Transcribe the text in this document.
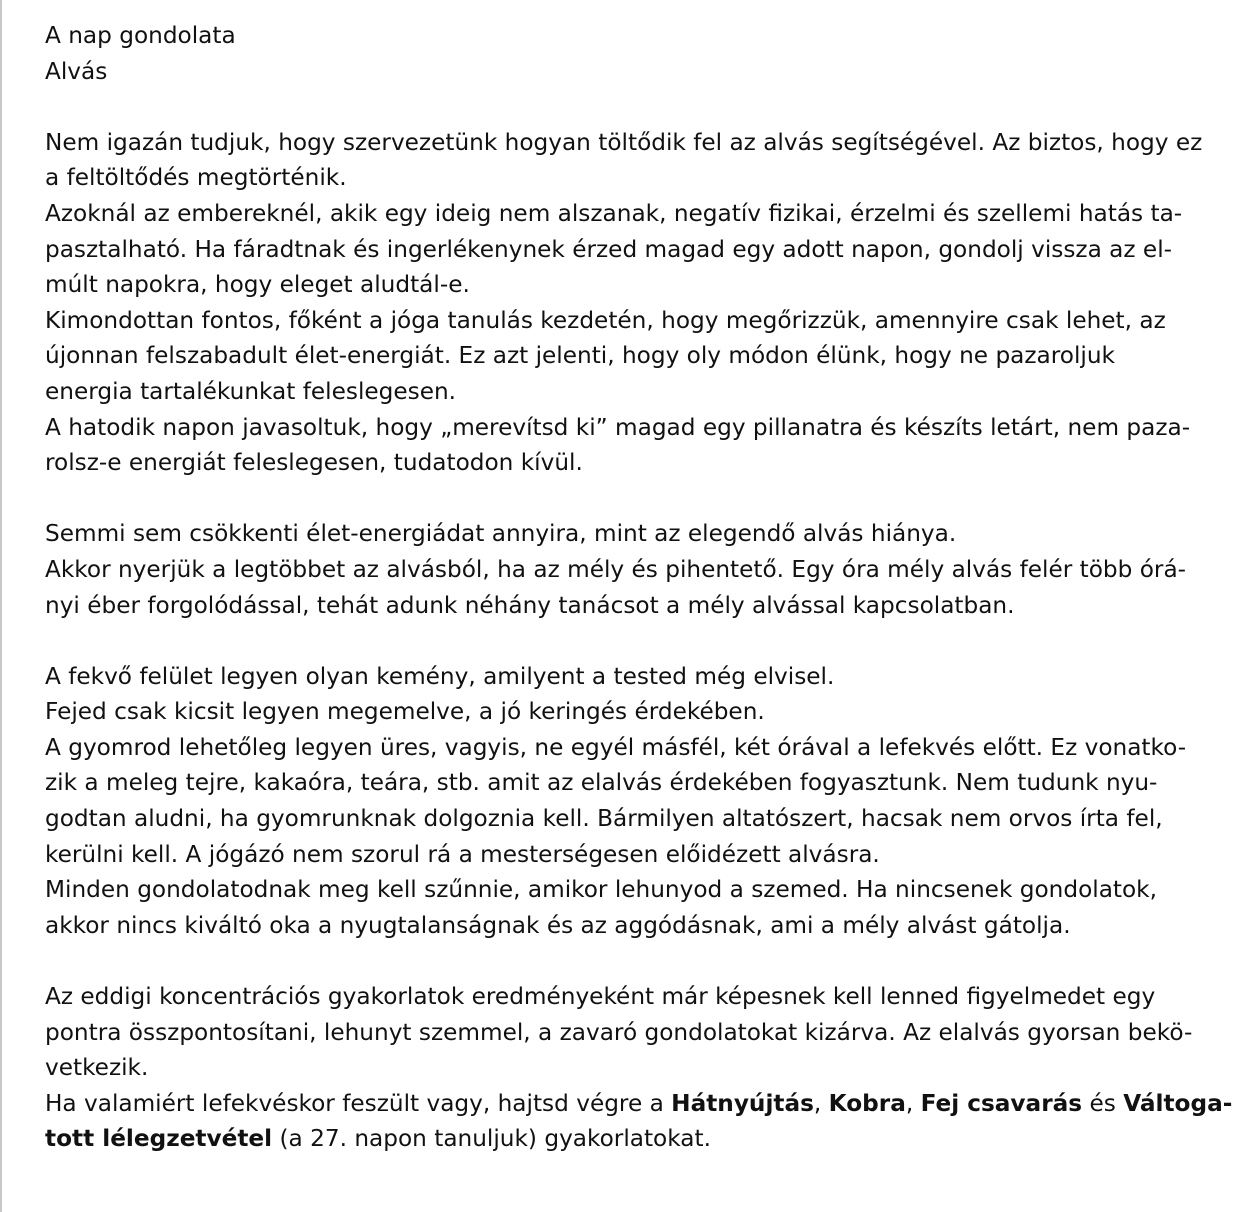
A nap gondolata
Alvás
Nem igazán tudjuk, hogy szervezetünk hogyan töltődik fel az alvás segítségével. Az biztos, hogy ez
a feltöltődés megtörténik.
Azoknál az embereknél, akik egy ideig nem alszanak, negatív fizikai, érzelmi és szellemi hatás ta-
pasztalható. Ha fáradtnak és ingerlékenynek érzed magad egy adott napon, gondolj vissza az el-
múlt napokra, hogy eleget aludtál-e.
Kimondottan fontos, főként a jóga tanulás kezdetén, hogy megőrizzük, amennyire csak lehet, az
újonnan felszabadult élet-energiát. Ez azt jelenti, hogy oly módon élünk, hogy ne pazaroljuk
energia tartalékunkat feleslegesen.
A hatodik napon javasoltuk, hogy „merevítsd ki” magad egy pillanatra és készíts letárt, nem paza-
rolsz-e energiát feleslegesen, tudatodon kívül.
Semmi sem csökkenti élet-energiádat annyira, mint az elegendő alvás hiánya.
Akkor nyerjük a legtöbbet az alvásból, ha az mély és pihentető. Egy óra mély alvás felér több órá-
nyi éber forgolódással, tehát adunk néhány tanácsot a mély alvással kapcsolatban.
A fekvő felület legyen olyan kemény, amilyent a tested még elvisel.
Fejed csak kicsit legyen megemelve, a jó keringés érdekében.
A gyomrod lehetőleg legyen üres, vagyis, ne egyél másfél, két órával a lefekvés előtt. Ez vonatko-
zik a meleg tejre, kakaóra, teára, stb. amit az elalvás érdekében fogyasztunk. Nem tudunk nyu-
godtan aludni, ha gyomrunknak dolgoznia kell. Bármilyen altatószert, hacsak nem orvos írta fel,
kerülni kell. A jógázó nem szorul rá a mesterségesen előidézett alvásra.
Minden gondolatodnak meg kell szűnnie, amikor lehunyod a szemed. Ha nincsenek gondolatok,
akkor nincs kiváltó oka a nyugtalanságnak és az aggódásnak, ami a mély alvást gátolja.
Az eddigi koncentrációs gyakorlatok eredményeként már képesnek kell lenned figyelmedet egy
pontra összpontosítani, lehunyt szemmel, a zavaró gondolatokat kizárva. Az elalvás gyorsan bekö-
vetkezik.
Ha valamiért lefekvéskor feszült vagy, hajtsd végre a Hátnyújtás, Kobra, Fej csavarás és Váltoga-
tott lélegzetvétel (a 27. napon tanuljuk) gyakorlatokat.
